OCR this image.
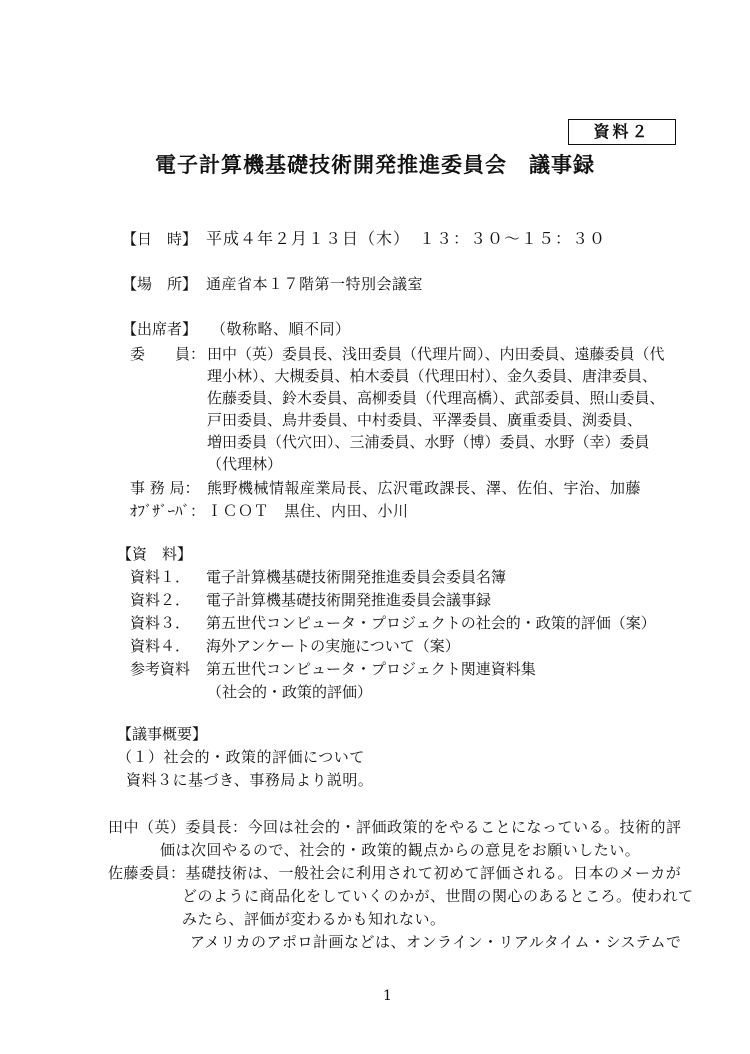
資料２
電子計算機基礎技術開発推進委員会　議事録
【日　時】 平成４年２月１３日（木）　１３：３０～１５：３０
【場　所】 通産省本１７階第一特別会議室
【出席者】 （敬称略、順不同）
委　　員： 田中（英）委員長、浅田委員（代理片岡）、内田委員、遠藤委員（代
理小林）、大槻委員、柏木委員（代理田村）、金久委員、唐津委員、
佐藤委員、鈴木委員、高柳委員（代理高橋）、武部委員、照山委員、
戸田委員、鳥井委員、中村委員、平澤委員、廣重委員、渕委員、
増田委員（代穴田）、三浦委員、水野（博）委員、水野（幸）委員
（代理林）
事 務 局： 熊野機械情報産業局長、広沢電政課長、澤、佐伯、宇治、加藤
ｵﾌﾞｻﾞｰﾊﾞ： ＩＣＯＴ　黒住、内田、小川
【資　料】
資料１． 電子計算機基礎技術開発推進委員会委員名簿
資料２． 電子計算機基礎技術開発推進委員会議事録
資料３． 第五世代コンピュータ・プロジェクトの社会的・政策的評価（案）
資料４． 海外アンケートの実施について（案）
参考資料 第五世代コンピュータ・プロジェクト関連資料集
（社会的・政策的評価）
【議事概要】
（１）社会的・政策的評価について
資料３に基づき、事務局より説明。
田中（英）委員長：今回は社会的・評価政策的をやることになっている。技術的評
価は次回やるので、社会的・政策的観点からの意見をお願いしたい。
佐藤委員：基礎技術は、一般社会に利用されて初めて評価される。日本のメーカが
どのように商品化をしていくのかが、世間の関心のあるところ。使われて
みたら、評価が変わるかも知れない。
アメリカのアポロ計画などは、オンライン・リアルタイム・システムで
1
